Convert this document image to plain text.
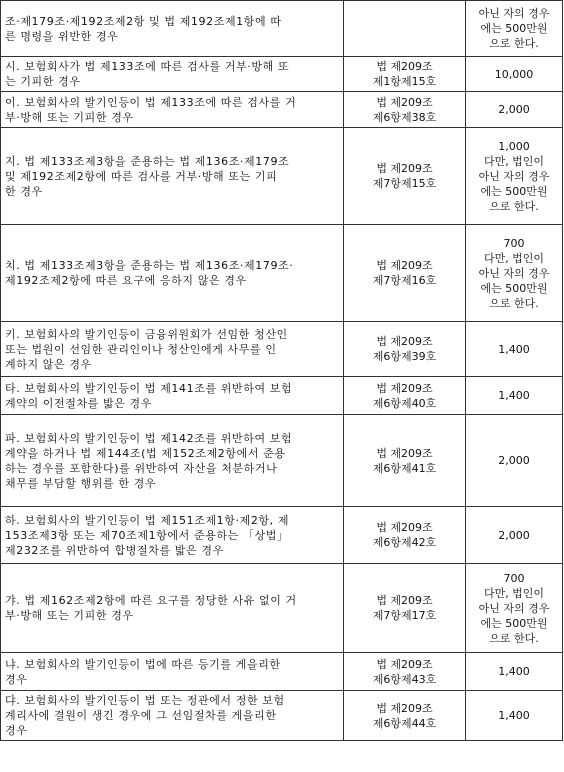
조·제179조·제192조제2항 및 법 제192조제1항에 따
른 명령을 위반한 경우		아닌 자의 경우
에는 500만원
으로 한다.

시. 보험회사가 법 제133조에 따른 검사를 거부·방해 또
는 기피한 경우	법 제209조
제1항제15호	10,000

이. 보험회사의 발기인등이 법 제133조에 따른 검사를 거
부·방해 또는 기피한 경우	법 제209조
제6항제38호	2,000

지. 법 제133조제3항을 준용하는 법 제136조·제179조
및 제192조제2항에 따른 검사를 거부·방해 또는 기피
한 경우	법 제209조
제7항제15호	1,000
다만, 법인이
아닌 자의 경우
에는 500만원
으로 한다.

치. 법 제133조제3항을 준용하는 법 제136조·제179조·
제192조제2항에 따른 요구에 응하지 않은 경우	법 제209조
제7항제16호	700
다만, 법인이
아닌 자의 경우
에는 500만원
으로 한다.

키. 보험회사의 발기인등이 금융위원회가 선임한 청산인
또는 법원이 선임한 관리인이나 청산인에게 사무를 인
계하지 않은 경우	법 제209조
제6항제39호	1,400

타. 보험회사의 발기인등이 법 제141조를 위반하여 보험
계약의 이전절차를 밟은 경우	법 제209조
제6항제40호	1,400

파. 보험회사의 발기인등이 법 제142조를 위반하여 보험
계약을 하거나 법 제144조(법 제152조제2항에서 준용
하는 경우를 포함한다)를 위반하여 자산을 처분하거나
채무를 부담할 행위를 한 경우	법 제209조
제6항제41호	2,000

하. 보험회사의 발기인등이 법 제151조제1항·제2항, 제
153조제3항 또는 제70조제1항에서 준용하는 「상법」
제232조를 위반하여 합병절차를 밟은 경우	법 제209조
제6항제42호	2,000

갸. 법 제162조제2항에 따른 요구를 정당한 사유 없이 거
부·방해 또는 기피한 경우	법 제209조
제7항제17호	700
다만, 법인이
아닌 자의 경우
에는 500만원
으로 한다.

냐. 보험회사의 발기인등이 법에 따른 등기를 게을리한
경우	법 제209조
제6항제43호	1,400

댜. 보험회사의 발기인등이 법 또는 정관에서 정한 보험
계리사에 결원이 생긴 경우에 그 선임절차를 게을리한
경우	법 제209조
제6항제44호	1,400
